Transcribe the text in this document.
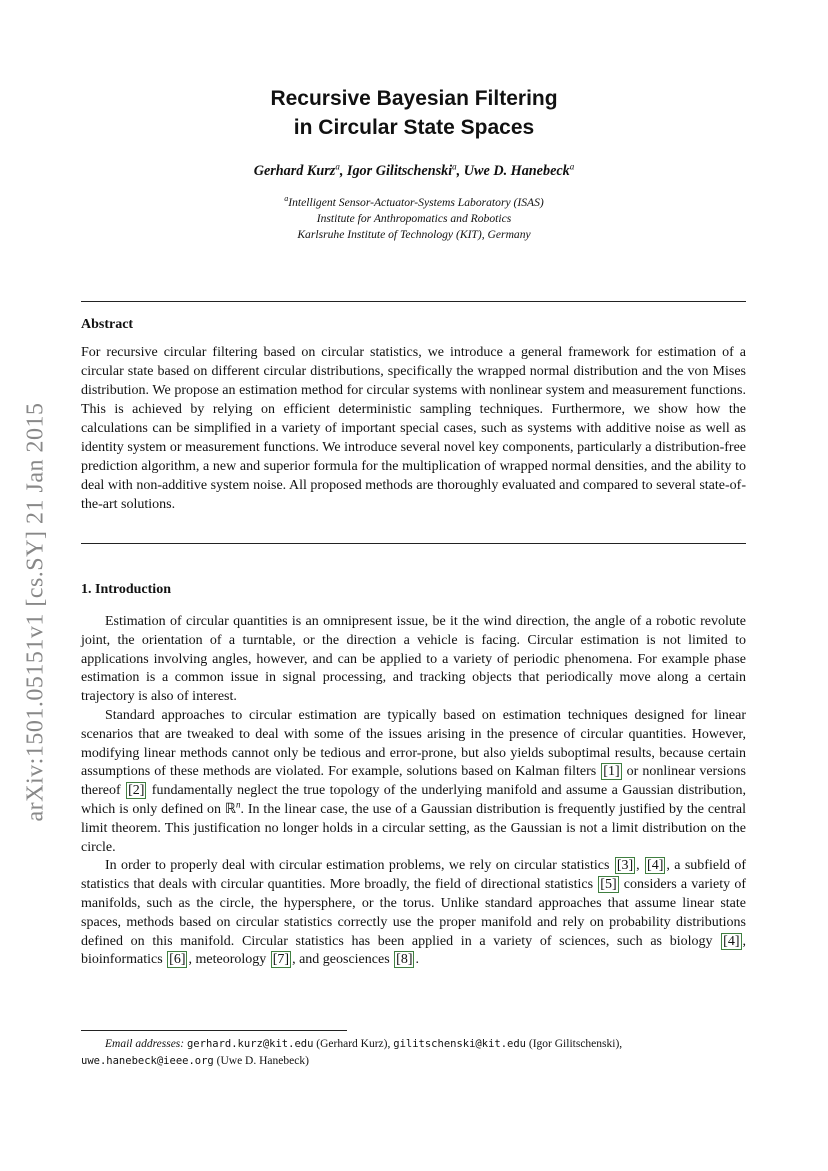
arXiv:1501.05151v1 [cs.SY] 21 Jan 2015
Recursive Bayesian Filtering
in Circular State Spaces
Gerhard Kurz$^a$, Igor Gilitschenski$^a$, Uwe D. Hanebeck$^a$
$^a$Intelligent Sensor-Actuator-Systems Laboratory (ISAS)
Institute for Anthropomatics and Robotics
Karlsruhe Institute of Technology (KIT), Germany
Abstract
For recursive circular filtering based on circular statistics, we introduce a general framework for estimation of a circular state based on different circular distributions, specifically the wrapped normal distribution and the von Mises distribution. We propose an estimation method for circular systems with nonlinear system and measurement functions. This is achieved by relying on efficient deterministic sampling techniques. Furthermore, we show how the calculations can be simplified in a variety of important special cases, such as systems with additive noise as well as identity system or measurement functions. We introduce several novel key components, particularly a distribution-free prediction algorithm, a new and superior formula for the multiplication of wrapped normal densities, and the ability to deal with non-additive system noise. All proposed methods are thoroughly evaluated and compared to several state-of-the-art solutions.
1. Introduction

Estimation of circular quantities is an omnipresent issue, be it the wind direction, the angle of a robotic revolute joint, the orientation of a turntable, or the direction a vehicle is facing. Circular estimation is not limited to applications involving angles, however, and can be applied to a variety of periodic phenomena. For example phase estimation is a common issue in signal processing, and tracking objects that periodically move along a certain trajectory is also of interest.

Standard approaches to circular estimation are typically based on estimation techniques designed for linear scenarios that are tweaked to deal with some of the issues arising in the presence of circular quantities. However, modifying linear methods cannot only be tedious and error-prone, but also yields suboptimal results, because certain assumptions of these methods are violated. For example, solutions based on Kalman filters [1] or nonlinear versions thereof [2] fundamentally neglect the true topology of the underlying manifold and assume a Gaussian distribution, which is only defined on ℝ$^n$. In the linear case, the use of a Gaussian distribution is frequently justified by the central limit theorem. This justification no longer holds in a circular setting, as the Gaussian is not a limit distribution on the circle.

In order to properly deal with circular estimation problems, we rely on circular statistics [3] , [4] , a subfield of statistics that deals with circular quantities. More broadly, the field of directional statistics [5] considers a variety of manifolds, such as the circle, the hypersphere, or the torus. Unlike standard approaches that assume linear state spaces, methods based on circular statistics correctly use the proper manifold and rely on probability distributions defined on this manifold. Circular statistics has been applied in a variety of sciences, such as biology [4] , bioinformatics [6] , meteorology [7] , and geosciences [8] .

Email addresses: gerhard.kurz@kit.edu (Gerhard Kurz), gilitschenski@kit.edu (Igor Gilitschenski),
uwe.hanebeck@ieee.org (Uwe D. Hanebeck)
